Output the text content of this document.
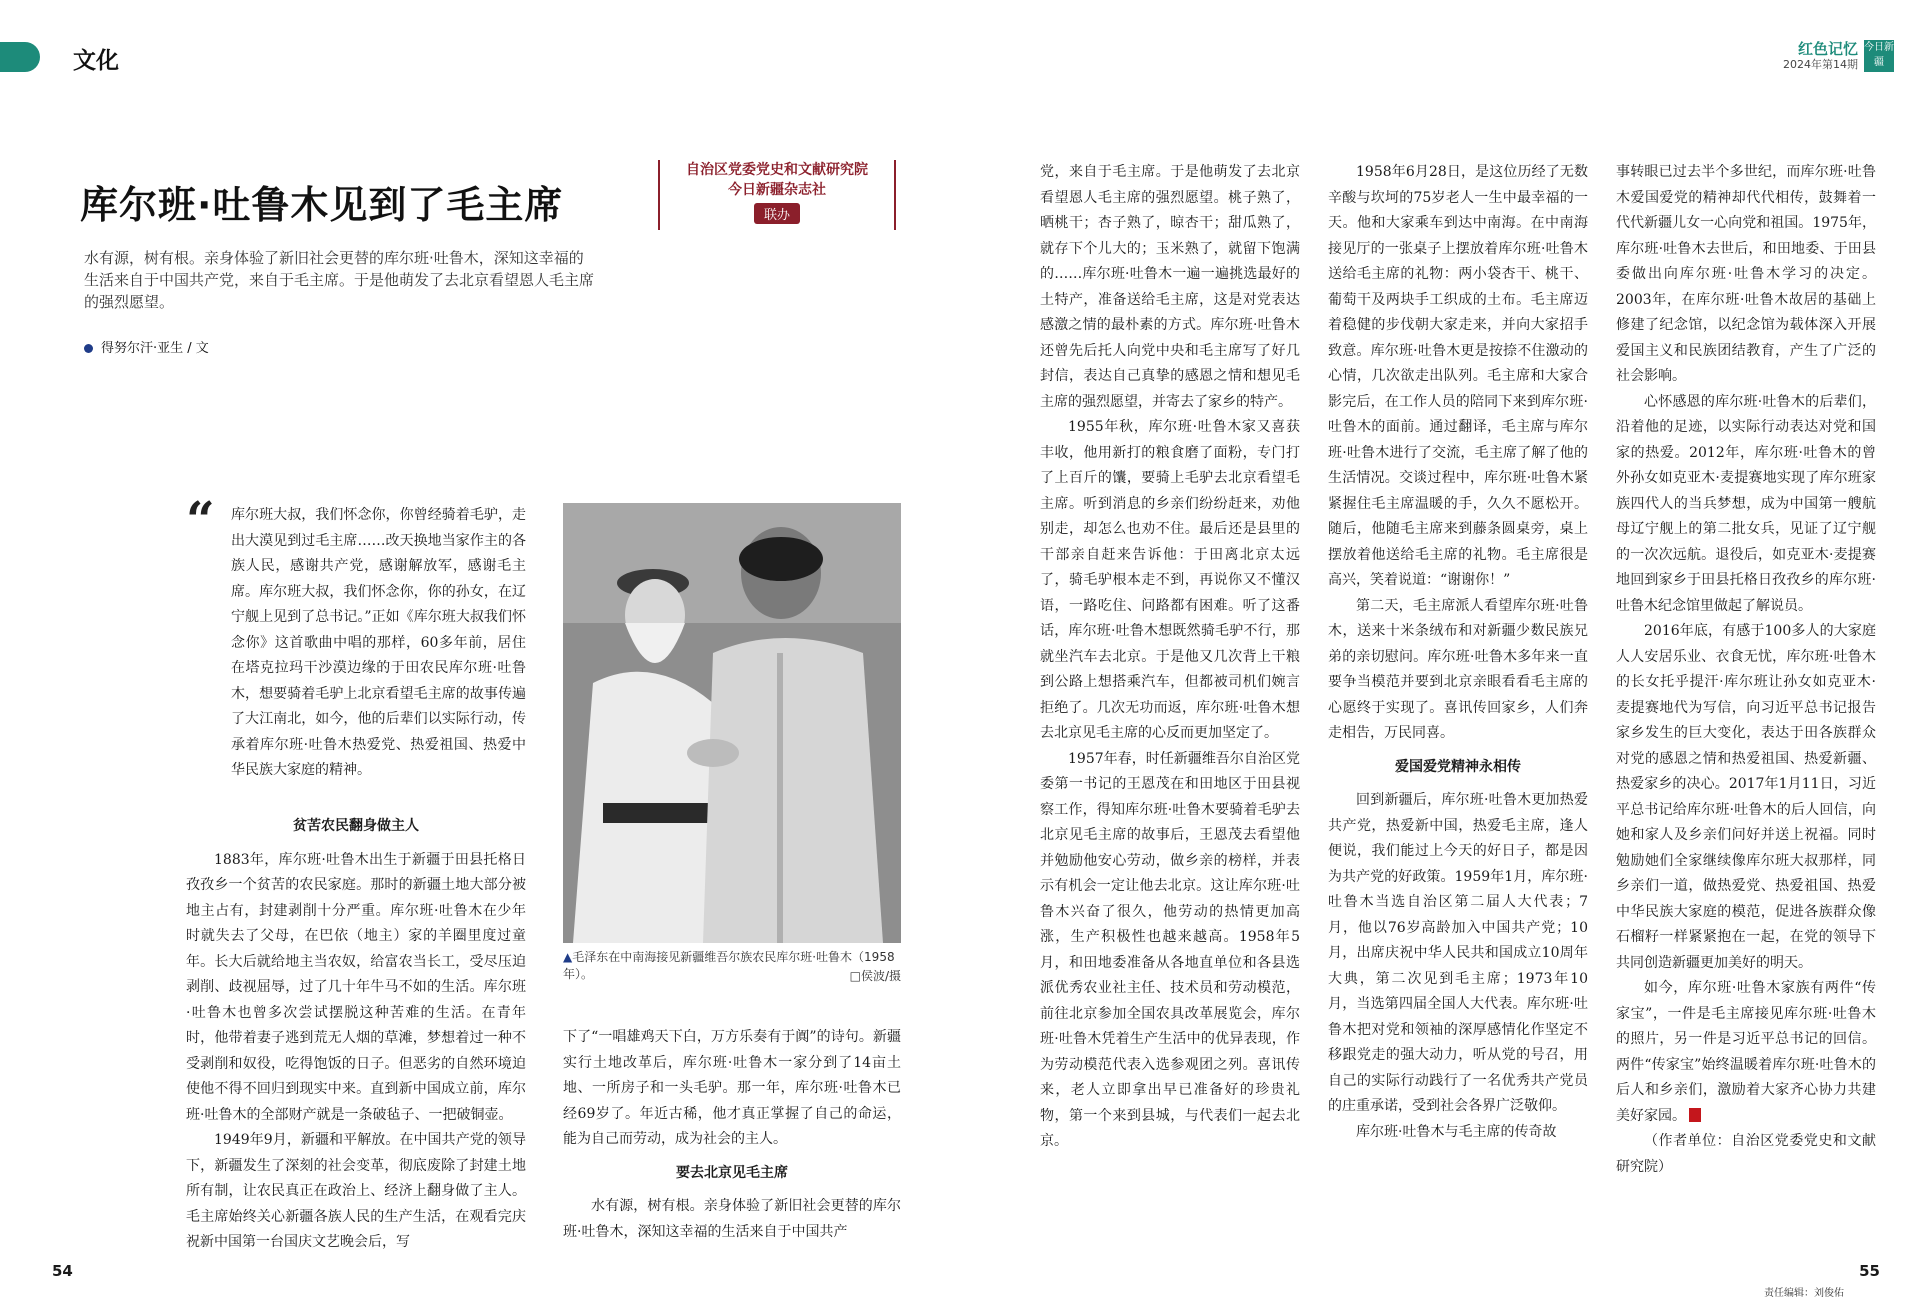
文化	红色记忆
2024年第14期
今日新疆
库尔班·吐鲁木见到了毛主席
自治区党委党史和文献研究院
今日新疆杂志社
联办
水有源，树有根。亲身体验了新旧社会更替的库尔班·吐鲁木，深知这幸福的生活来自于中国共产党，来自于毛主席。于是他萌发了去北京看望恩人毛主席的强烈愿望。
得努尔汗·亚生 / 文
“ 库尔班大叔，我们怀念你，你曾经骑着毛驴，走出大漠见到过毛主席……改天换地当家作主的各族人民，感谢共产党，感谢解放军，感谢毛主席。库尔班大叔，我们怀念你，你的孙女，在辽宁舰上见到了总书记。”正如《库尔班大叔我们怀念你》这首歌曲中唱的那样，60多年前，居住在塔克拉玛干沙漠边缘的于田农民库尔班·吐鲁木，想要骑着毛驴上北京看望毛主席的故事传遍了大江南北，如今，他的后辈们以实际行动，传承着库尔班·吐鲁木热爱党、热爱祖国、热爱中华民族大家庭的精神。
贫苦农民翻身做主人

1883年，库尔班·吐鲁木出生于新疆于田县托格日孜孜乡一个贫苦的农民家庭。那时的新疆土地大部分被地主占有，封建剥削十分严重。库尔班·吐鲁木在少年时就失去了父母，在巴依（地主）家的羊圈里度过童年。长大后就给地主当农奴，给富农当长工，受尽压迫剥削、歧视屈辱，过了几十年牛马不如的生活。库尔班·吐鲁木也曾多次尝试摆脱这种苦难的生活。在青年时，他带着妻子逃到荒无人烟的草滩，梦想着过一种不受剥削和奴役，吃得饱饭的日子。但恶劣的自然环境迫使他不得不回归到现实中来。直到新中国成立前，库尔班·吐鲁木的全部财产就是一条破毡子、一把破铜壶。

1949年9月，新疆和平解放。在中国共产党的领导下，新疆发生了深刻的社会变革，彻底废除了封建土地所有制，让农民真正在政治上、经济上翻身做了主人。毛主席始终关心新疆各族人民的生产生活，在观看完庆祝新中国第一台国庆文艺晚会后，写

▲毛泽东在中南海接见新疆维吾尔族农民库尔班·吐鲁木（1958年）。	□侯波/摄

下了“一唱雄鸡天下白，万方乐奏有于阗”的诗句。新疆实行土地改革后，库尔班·吐鲁木一家分到了14亩土地、一所房子和一头毛驴。那一年，库尔班·吐鲁木已经69岁了。年近古稀，他才真正掌握了自己的命运，能为自己而劳动，成为社会的主人。

要去北京见毛主席

水有源，树有根。亲身体验了新旧社会更替的库尔班·吐鲁木，深知这幸福的生活来自于中国共产

党，来自于毛主席。于是他萌发了去北京看望恩人毛主席的强烈愿望。桃子熟了，晒桃干；杏子熟了，晾杏干；甜瓜熟了，就存下个儿大的；玉米熟了，就留下饱满的……库尔班·吐鲁木一遍一遍挑选最好的土特产，准备送给毛主席，这是对党表达感激之情的最朴素的方式。库尔班·吐鲁木还曾先后托人向党中央和毛主席写了好几封信，表达自己真挚的感恩之情和想见毛主席的强烈愿望，并寄去了家乡的特产。

1955年秋，库尔班·吐鲁木家又喜获丰收，他用新打的粮食磨了面粉，专门打了上百斤的馕，要骑上毛驴去北京看望毛主席。听到消息的乡亲们纷纷赶来，劝他别走，却怎么也劝不住。最后还是县里的干部亲自赶来告诉他：于田离北京太远了，骑毛驴根本走不到，再说你又不懂汉语，一路吃住、问路都有困难。听了这番话，库尔班·吐鲁木想既然骑毛驴不行，那就坐汽车去北京。于是他又几次背上干粮到公路上想搭乘汽车，但都被司机们婉言拒绝了。几次无功而返，库尔班·吐鲁木想去北京见毛主席的心反而更加坚定了。

1957年春，时任新疆维吾尔自治区党委第一书记的王恩茂在和田地区于田县视察工作，得知库尔班·吐鲁木要骑着毛驴去北京见毛主席的故事后，王恩茂去看望他并勉励他安心劳动，做乡亲的榜样，并表示有机会一定让他去北京。这让库尔班·吐鲁木兴奋了很久，他劳动的热情更加高涨，生产积极性也越来越高。1958年5月，和田地委准备从各地直单位和各县选派优秀农业社主任、技术员和劳动模范，前往北京参加全国农具改革展览会，库尔班·吐鲁木凭着生产生活中的优异表现，作为劳动模范代表入选参观团之列。喜讯传来，老人立即拿出早已准备好的珍贵礼物，第一个来到县城，与代表们一起去北京。

1958年6月28日，是这位历经了无数辛酸与坎坷的75岁老人一生中最幸福的一天。他和大家乘车到达中南海。在中南海接见厅的一张桌子上摆放着库尔班·吐鲁木送给毛主席的礼物：两小袋杏干、桃干、葡萄干及两块手工织成的土布。毛主席迈着稳健的步伐朝大家走来，并向大家招手致意。库尔班·吐鲁木更是按捺不住激动的心情，几次欲走出队列。毛主席和大家合影完后，在工作人员的陪同下来到库尔班·吐鲁木的面前。通过翻译，毛主席与库尔班·吐鲁木进行了交流，毛主席了解了他的生活情况。交谈过程中，库尔班·吐鲁木紧紧握住毛主席温暖的手，久久不愿松开。随后，他随毛主席来到藤条圆桌旁，桌上摆放着他送给毛主席的礼物。毛主席很是高兴，笑着说道：“谢谢你！”

第二天，毛主席派人看望库尔班·吐鲁木，送来十米条绒布和对新疆少数民族兄弟的亲切慰问。库尔班·吐鲁木多年来一直要争当模范并要到北京亲眼看看毛主席的心愿终于实现了。喜讯传回家乡，人们奔走相告，万民同喜。

爱国爱党精神永相传

回到新疆后，库尔班·吐鲁木更加热爱共产党，热爱新中国，热爱毛主席，逢人便说，我们能过上今天的好日子，都是因为共产党的好政策。1959年1月，库尔班·吐鲁木当选自治区第二届人大代表；7月，他以76岁高龄加入中国共产党；10月，出席庆祝中华人民共和国成立10周年大典，第二次见到毛主席；1973年10月，当选第四届全国人大代表。库尔班·吐鲁木把对党和领袖的深厚感情化作坚定不移跟党走的强大动力，听从党的号召，用自己的实际行动践行了一名优秀共产党员的庄重承诺，受到社会各界广泛敬仰。

库尔班·吐鲁木与毛主席的传奇故

事转眼已过去半个多世纪，而库尔班·吐鲁木爱国爱党的精神却代代相传，鼓舞着一代代新疆儿女一心向党和祖国。1975年，库尔班·吐鲁木去世后，和田地委、于田县委做出向库尔班·吐鲁木学习的决定。2003年，在库尔班·吐鲁木故居的基础上修建了纪念馆，以纪念馆为载体深入开展爱国主义和民族团结教育，产生了广泛的社会影响。

心怀感恩的库尔班·吐鲁木的后辈们，沿着他的足迹，以实际行动表达对党和国家的热爱。2012年，库尔班·吐鲁木的曾外孙女如克亚木·麦提赛地实现了库尔班家族四代人的当兵梦想，成为中国第一艘航母辽宁舰上的第二批女兵，见证了辽宁舰的一次次远航。退役后，如克亚木·麦提赛地回到家乡于田县托格日孜孜乡的库尔班·吐鲁木纪念馆里做起了解说员。

2016年底，有感于100多人的大家庭人人安居乐业、衣食无忧，库尔班·吐鲁木的长女托乎提汗·库尔班让孙女如克亚木·麦提赛地代为写信，向习近平总书记报告家乡发生的巨大变化，表达于田各族群众对党的感恩之情和热爱祖国、热爱新疆、热爱家乡的决心。2017年1月11日，习近平总书记给库尔班·吐鲁木的后人回信，向她和家人及乡亲们问好并送上祝福。同时勉励她们全家继续像库尔班大叔那样，同乡亲们一道，做热爱党、热爱祖国、热爱中华民族大家庭的模范，促进各族群众像石榴籽一样紧紧抱在一起，在党的领导下共同创造新疆更加美好的明天。

如今，库尔班·吐鲁木家族有两件“传家宝”，一件是毛主席接见库尔班·吐鲁木的照片，另一件是习近平总书记的回信。两件“传家宝”始终温暖着库尔班·吐鲁木的后人和乡亲们，激励着大家齐心协力共建美好家园。

（作者单位：自治区党委党史和文献研究院）

54	55
责任编辑：刘俊佑
